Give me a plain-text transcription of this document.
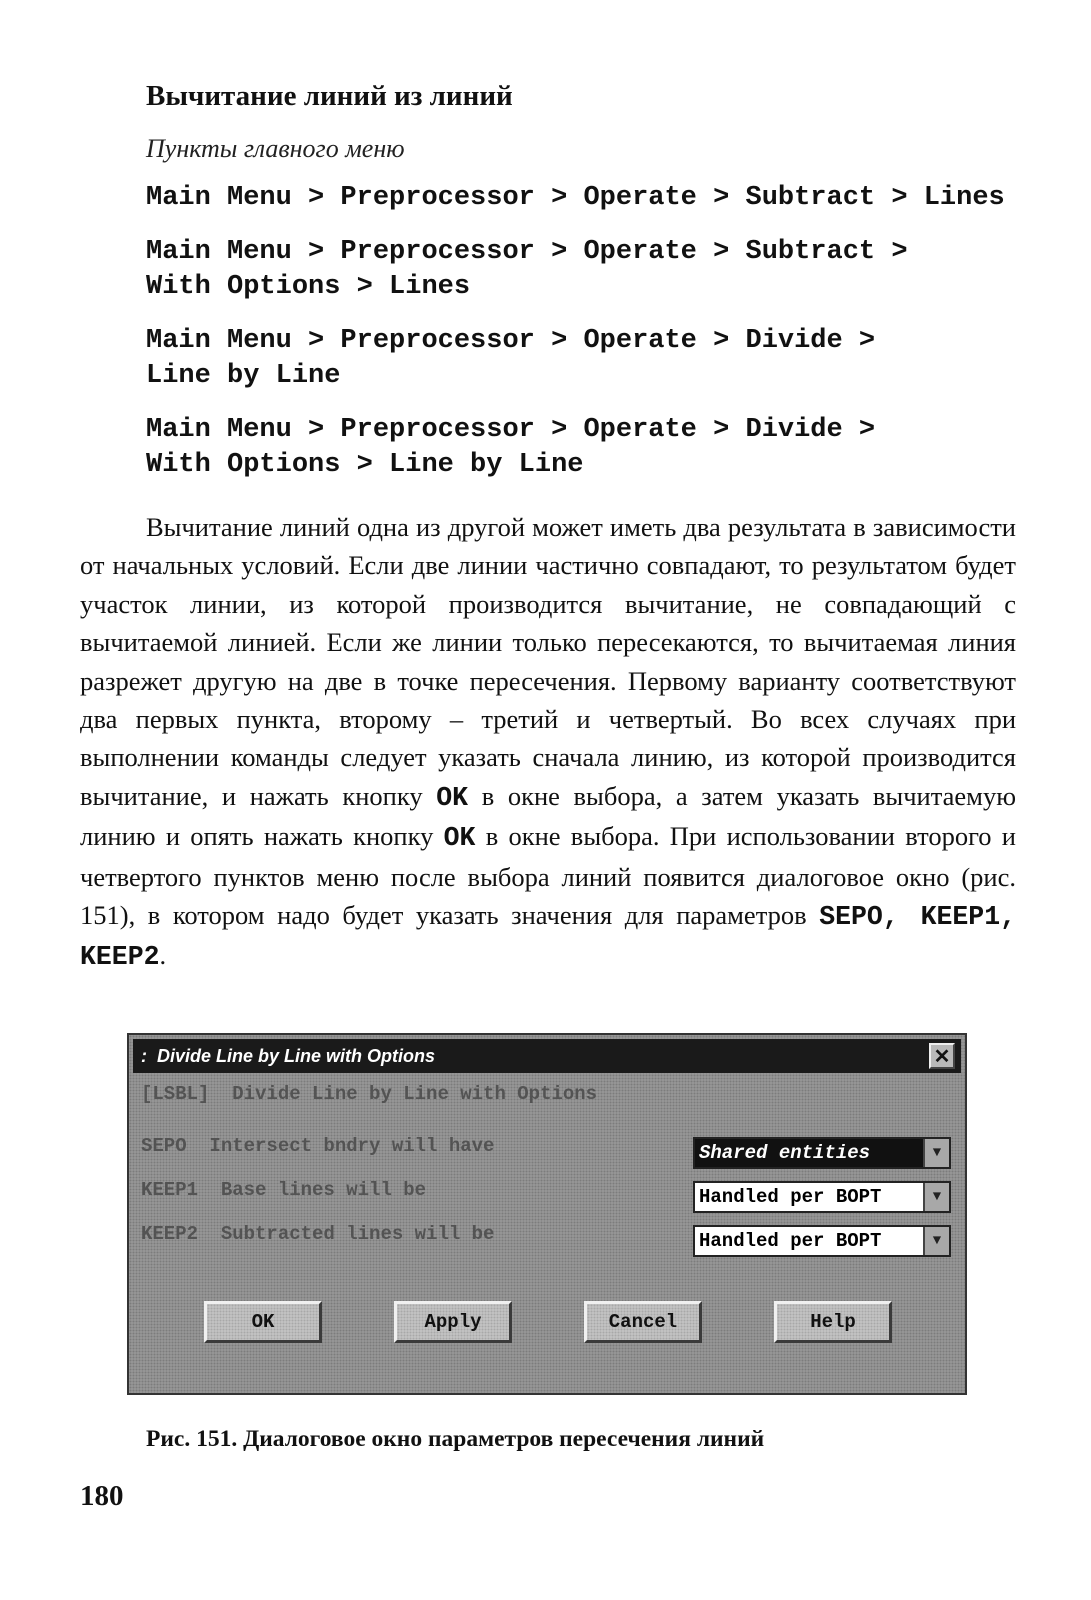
Вычитание линий из линий
Пункты главного меню
Main Menu > Preprocessor > Operate > Subtract > Lines
Main Menu > Preprocessor > Operate > Subtract >
With Options > Lines
Main Menu > Preprocessor > Operate > Divide >
Line by Line
Main Menu > Preprocessor > Operate > Divide >
With Options > Line by Line

Вычитание линий одна из другой может иметь два результата в зависимости от начальных условий. Если две линии частично совпадают, то результатом будет участок линии, из которой производится вычитание, не совпадающий с вычитаемой линией. Если же линии только пересекаются, то вычитаемая линия разрежет другую на две в точке пересечения. Первому варианту соответствуют два первых пункта, второму – третий и четвертый. Во всех случаях при выполнении команды следует указать сначала линию, из которой производится вычитание, и нажать кнопку OK в окне выбора, а затем указать вычитаемую линию и опять нажать кнопку OK в окне выбора. При использовании второго и четвертого пунктов меню после выбора линий появится диалоговое окно (рис. 151), в котором надо будет указать значения для параметров SEPO, KEEP1, KEEP2.

: Divide Line by Line with Options	✕
[LSBL]  Divide Line by Line with Options
SEPO  Intersect bndry will have	Shared entities	▼
KEEP1  Base lines will be	Handled per BOPT	▼
KEEP2  Subtracted lines will be	Handled per BOPT	▼
OK	Apply	Cancel	Help
Рис. 151. Диалоговое окно параметров пересечения линий
180
